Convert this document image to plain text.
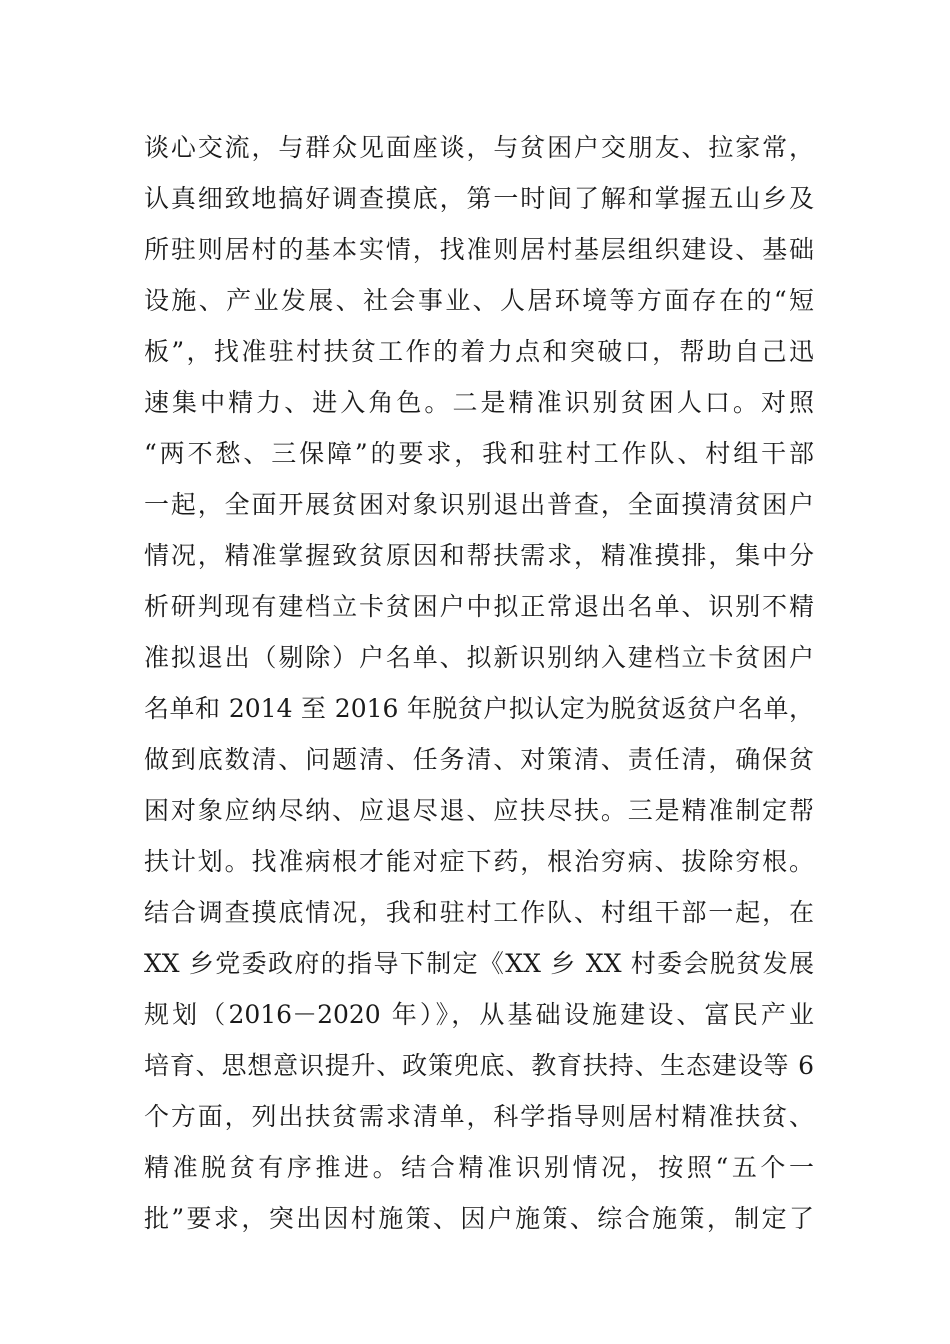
谈心交流，与群众见面座谈，与贫困户交朋友、拉家常，
认真细致地搞好调查摸底，第一时间了解和掌握五山乡及
所驻则居村的基本实情，找准则居村基层组织建设、基础
设施、产业发展、社会事业、人居环境等方面存在的“短
板”，找准驻村扶贫工作的着力点和突破口，帮助自己迅
速集中精力、进入角色。二是精准识别贫困人口。对照
“两不愁、三保障”的要求，我和驻村工作队、村组干部
一起，全面开展贫困对象识别退出普查，全面摸清贫困户
情况，精准掌握致贫原因和帮扶需求，精准摸排，集中分
析研判现有建档立卡贫困户中拟正常退出名单、识别不精
准拟退出（剔除）户名单、拟新识别纳入建档立卡贫困户
名单和 2014 至 2016 年脱贫户拟认定为脱贫返贫户名单，
做到底数清、问题清、任务清、对策清、责任清，确保贫
困对象应纳尽纳、应退尽退、应扶尽扶。三是精准制定帮
扶计划。找准病根才能对症下药，根治穷病、拔除穷根。
结合调查摸底情况，我和驻村工作队、村组干部一起，在
XX 乡党委政府的指导下制定《XX 乡 XX 村委会脱贫发展
规划（2016－2020 年）》，从基础设施建设、富民产业
培育、思想意识提升、政策兜底、教育扶持、生态建设等 6
个方面，列出扶贫需求清单，科学指导则居村精准扶贫、
精准脱贫有序推进。结合精准识别情况，按照“五个一
批”要求，突出因村施策、因户施策、综合施策，制定了
